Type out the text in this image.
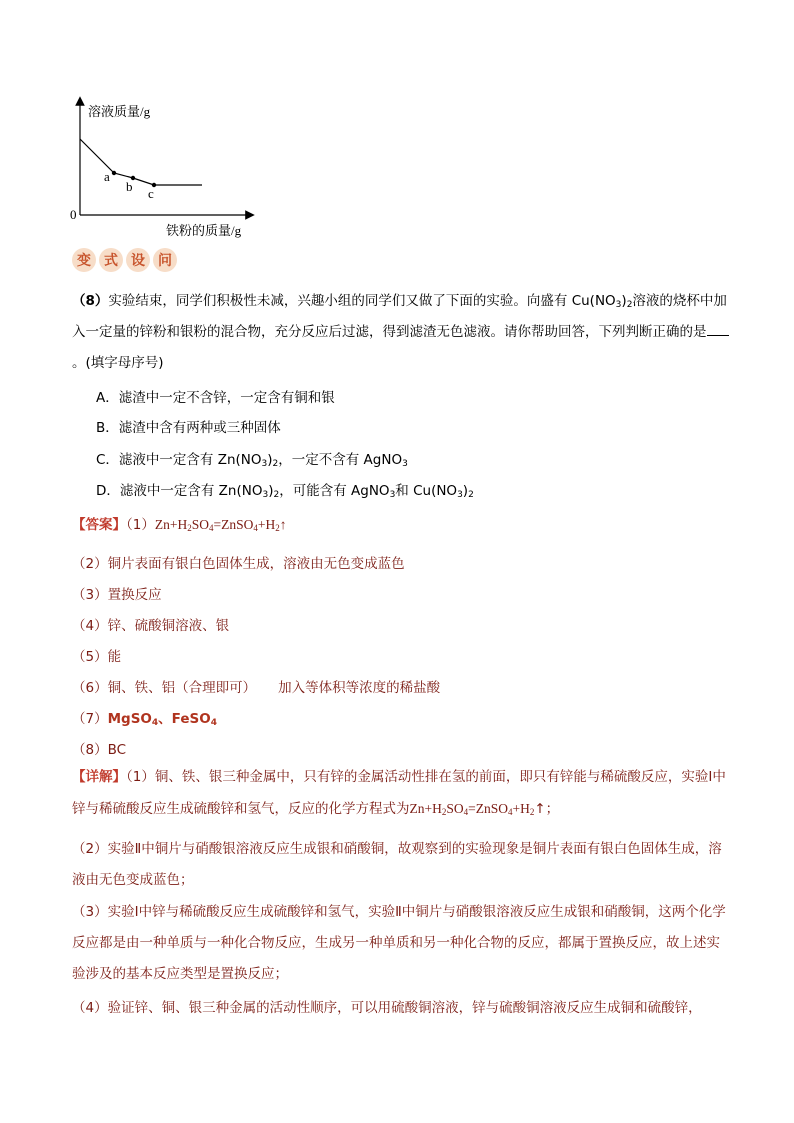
溶液质量/g
铁粉的质量/g
0
a
b c
变 式 设 问
（8）实验结束，同学们积极性未减，兴趣小组的同学们又做了下面的实验。向盛有 $Cu(NO_3)_2$溶液的烧杯中加入一定量的锌粉和银粉的混合物，充分反应后过滤，得到滤渣无色滤液。请你帮助回答，下列判断正确的是。(填字母序号)
A．滤渣中一定不含锌，一定含有铜和银
B．滤渣中含有两种或三种固体
C．滤液中一定含有 $Zn(NO_3)_2$，一定不含有 AgNO$_3$
D．滤液中一定含有 $Zn(NO_3)_2$，可能含有 AgNO$_3$和 $Cu(NO_3)_2$
【答案】$(1)Zn+H_2SO_4=ZnSO_4+H_2↑$
（2）铜片表面有银白色固体生成，溶液由无色变成蓝色
（3）置换反应
（4）锌、硫酸铜溶液、银
（5）能
（6）铜、铁、铝（合理即可） 加入等体积等浓度的稀盐酸
（7）MgSO$_4$、FeSO$_4$
（8）BC
【详解】（1）铜、铁、银三种金属中，只有锌的金属活动性排在氢的前面，即只有锌能与稀硫酸反应，实验Ⅰ中锌与稀硫酸反应生成硫酸锌和氢气，反应的化学方程式为$Zn+H_2SO_4=ZnSO_4+H_2↑$；
（2）实验Ⅱ中铜片与硝酸银溶液反应生成银和硝酸铜，故观察到的实验现象是铜片表面有银白色固体生成，溶液由无色变成蓝色；
（3）实验Ⅰ中锌与稀硫酸反应生成硫酸锌和氢气，实验Ⅱ中铜片与硝酸银溶液反应生成银和硝酸铜，这两个化学反应都是由一种单质与一种化合物反应，生成另一种单质和另一种化合物的反应，都属于置换反应，故上述实验涉及的基本反应类型是置换反应；
（4）验证锌、铜、银三种金属的活动性顺序，可以用硫酸铜溶液，锌与硫酸铜溶液反应生成铜和硫酸锌，
